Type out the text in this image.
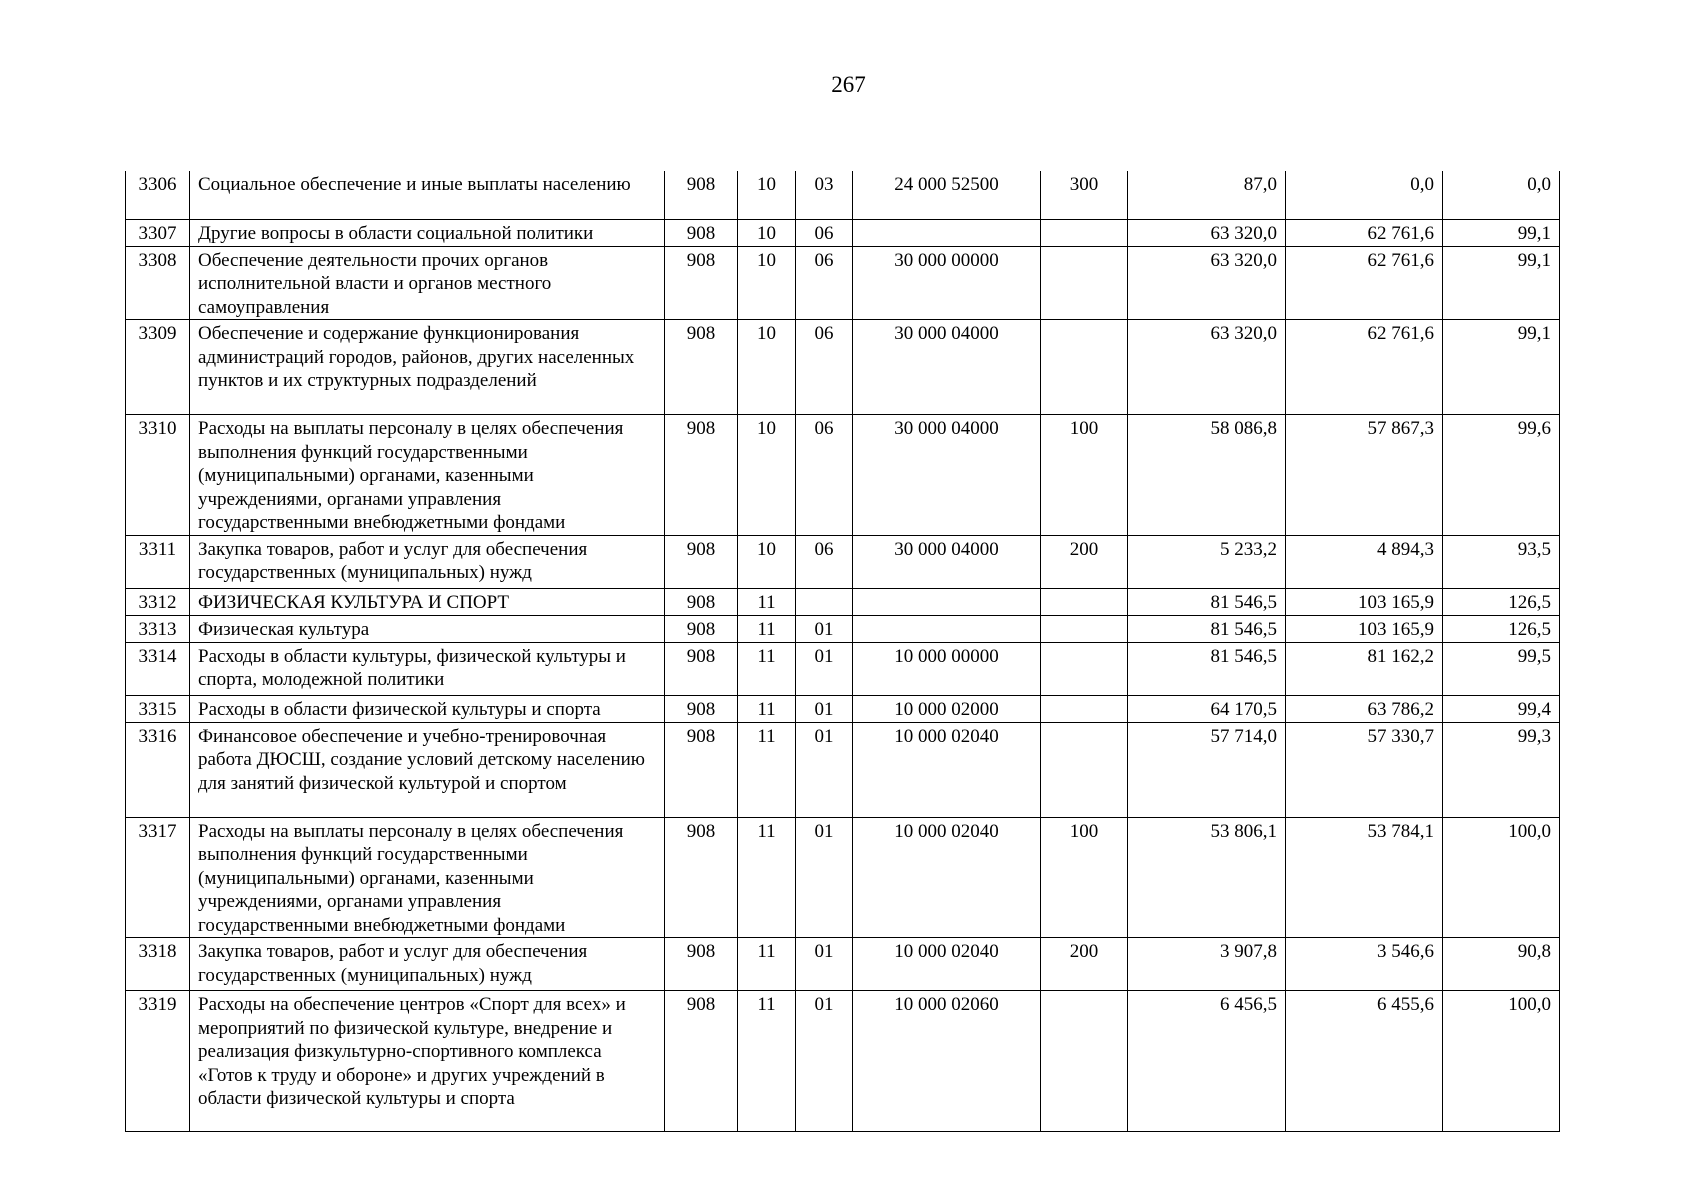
267
3306	Социальное обеспечение и иные выплаты населению	908	10	03	24 000 52500	300	87,0	0,0	0,0
3307	Другие вопросы в области социальной политики	908	10	06			63 320,0	62 761,6	99,1
3308	Обеспечение деятельности прочих органов исполнительной власти и органов местного самоуправления	908	10	06	30 000 00000		63 320,0	62 761,6	99,1
3309	Обеспечение и содержание функционирования администраций городов, районов, других населенных пунктов и их структурных подразделений	908	10	06	30 000 04000		63 320,0	62 761,6	99,1
3310	Расходы на выплаты персоналу в целях обеспечения выполнения функций государственными (муниципальными) органами, казенными учреждениями, органами управления государственными внебюджетными фондами	908	10	06	30 000 04000	100	58 086,8	57 867,3	99,6
3311	Закупка товаров, работ и услуг для обеспечения государственных (муниципальных) нужд	908	10	06	30 000 04000	200	5 233,2	4 894,3	93,5
3312	ФИЗИЧЕСКАЯ КУЛЬТУРА И СПОРТ	908	11				81 546,5	103 165,9	126,5
3313	Физическая культура	908	11	01			81 546,5	103 165,9	126,5
3314	Расходы в области культуры, физической культуры и спорта, молодежной политики	908	11	01	10 000 00000		81 546,5	81 162,2	99,5
3315	Расходы в области физической культуры и спорта	908	11	01	10 000 02000		64 170,5	63 786,2	99,4
3316	Финансовое обеспечение и учебно-тренировочная работа ДЮСШ, создание условий детскому населению для занятий физической культурой и спортом	908	11	01	10 000 02040		57 714,0	57 330,7	99,3
3317	Расходы на выплаты персоналу в целях обеспечения выполнения функций государственными (муниципальными) органами, казенными учреждениями, органами управления государственными внебюджетными фондами	908	11	01	10 000 02040	100	53 806,1	53 784,1	100,0
3318	Закупка товаров, работ и услуг для обеспечения государственных (муниципальных) нужд	908	11	01	10 000 02040	200	3 907,8	3 546,6	90,8
3319	Расходы на обеспечение центров «Спорт для всех» и мероприятий по физической культуре, внедрение и реализация физкультурно-спортивного комплекса «Готов к труду и обороне» и других учреждений в области физической культуры и спорта	908	11	01	10 000 02060		6 456,5	6 455,6	100,0
